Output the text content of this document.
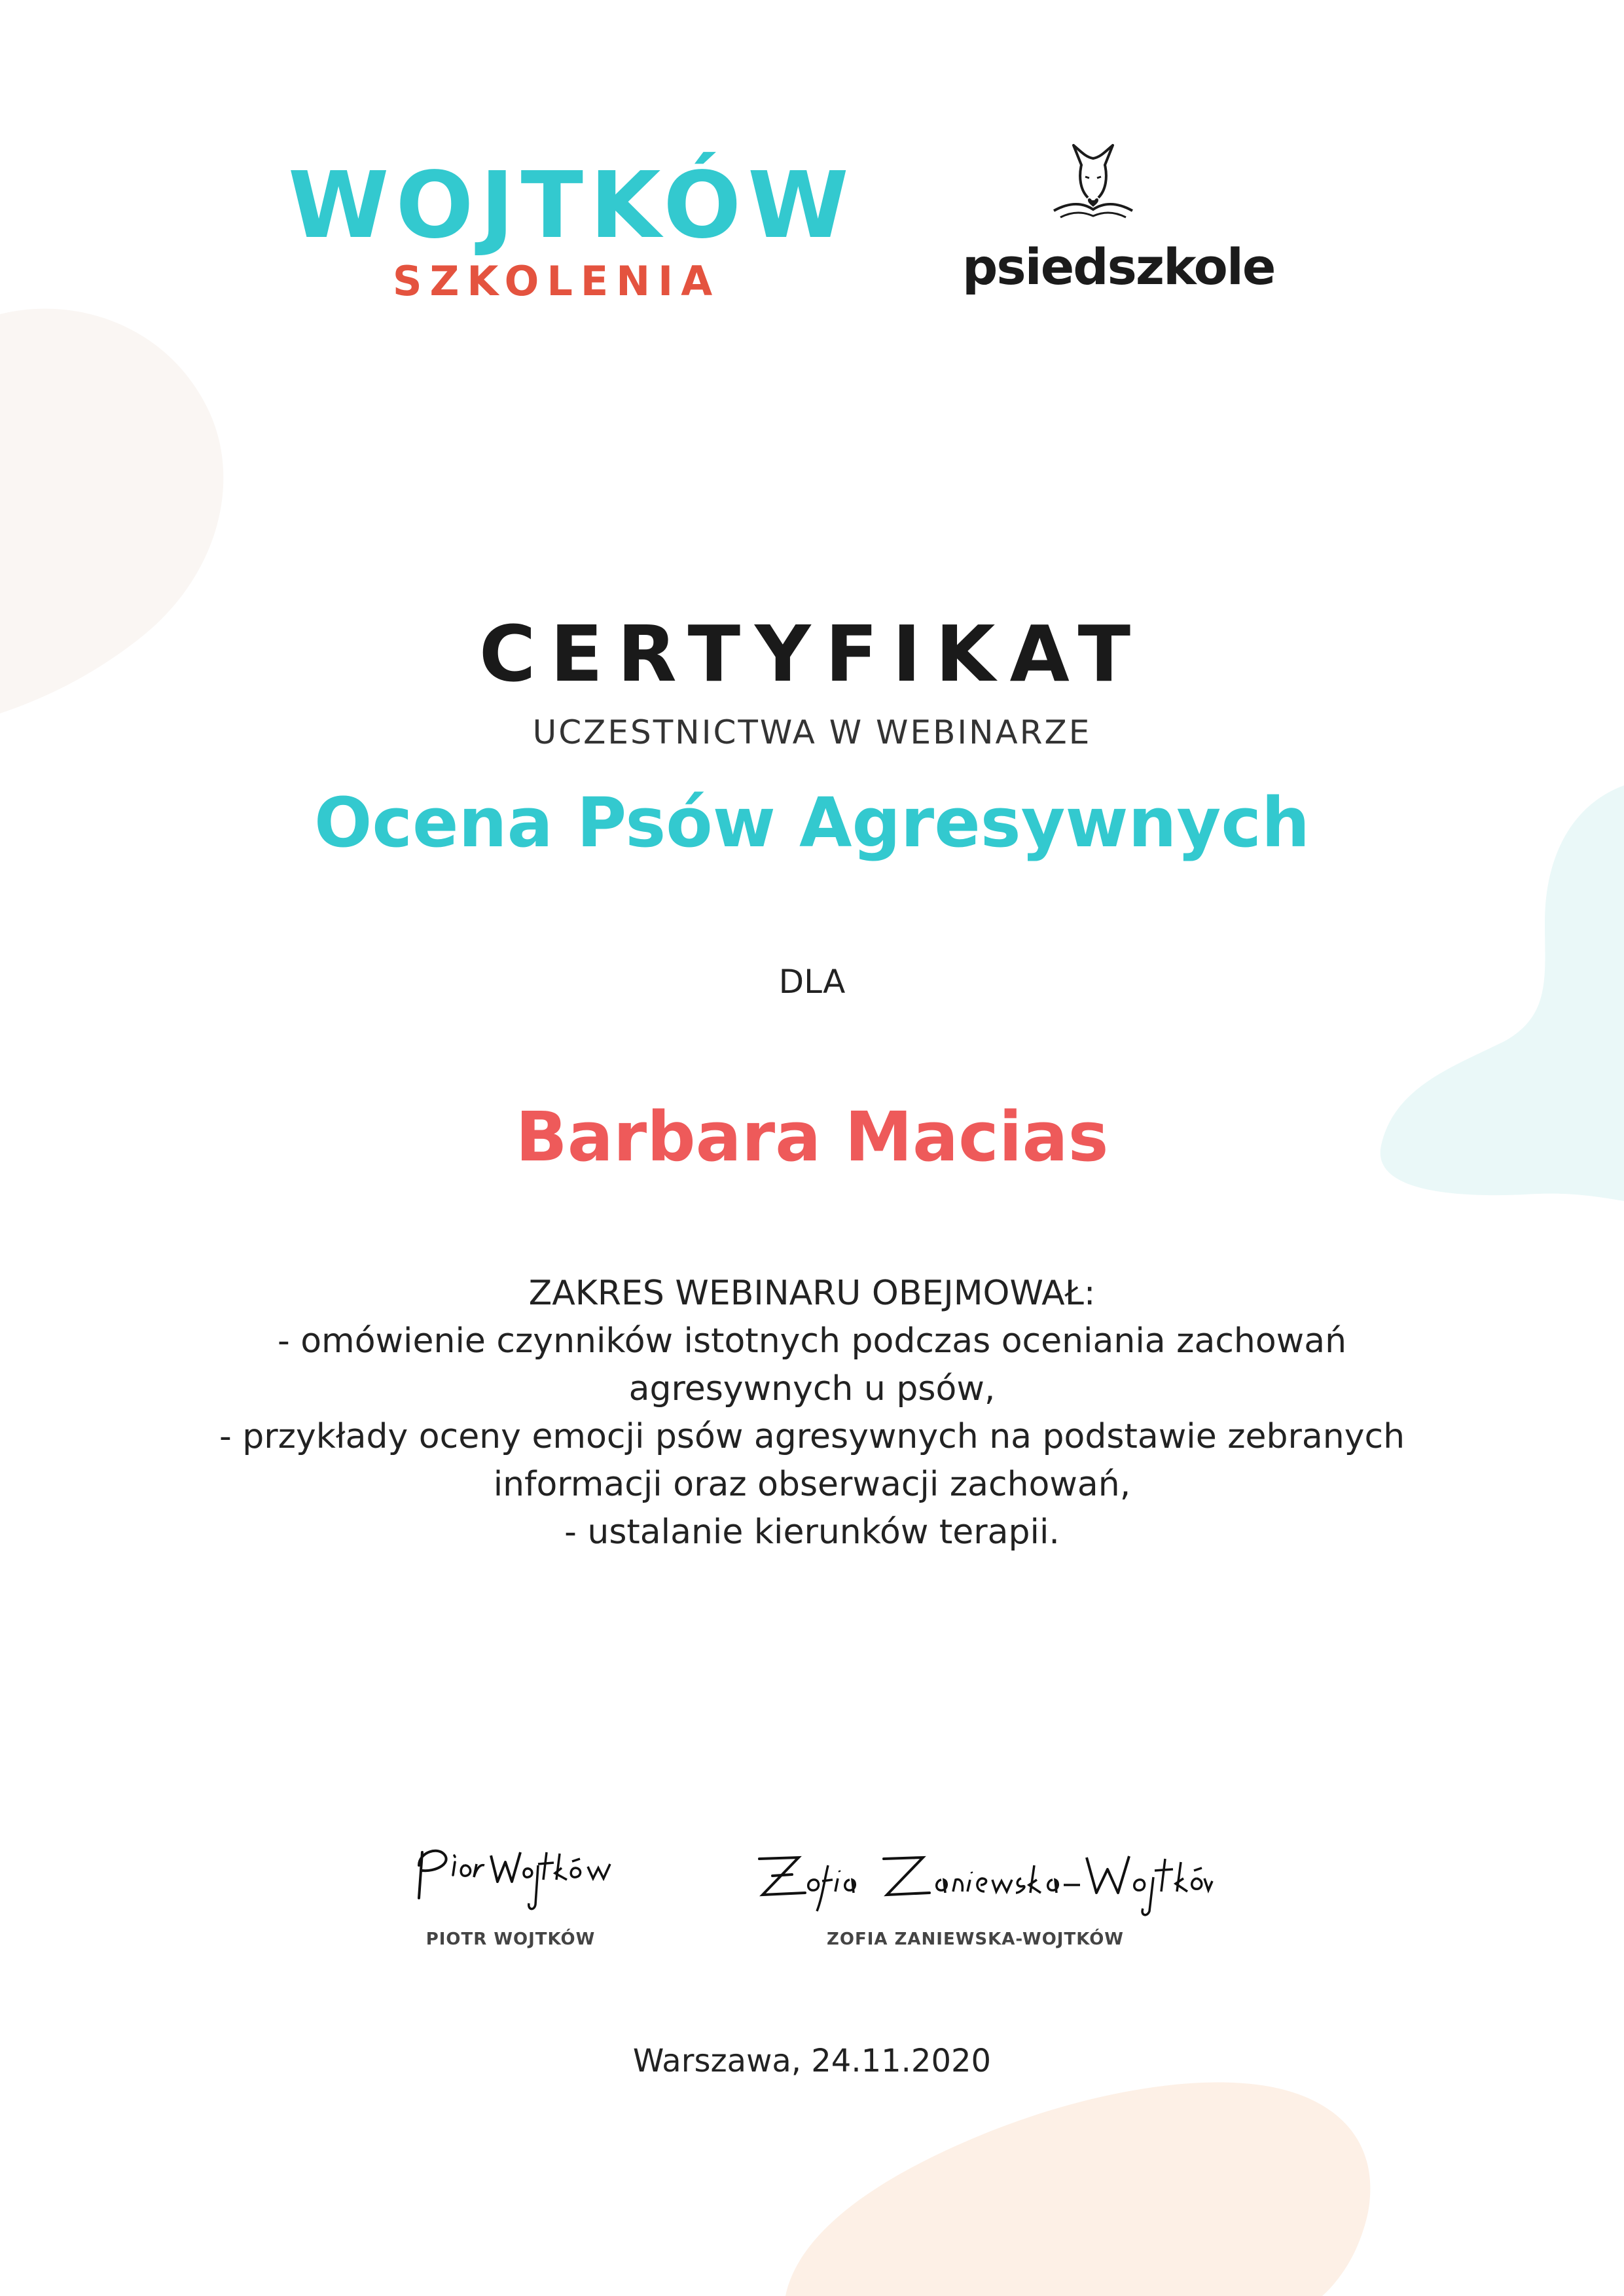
WOJTKÓW
SZKOLENIA	psiedszkole
CERTYFIKAT
UCZESTNICTWA W WEBINARZE
Ocena Psów Agresywnych
DLA
Barbara Macias
ZAKRES WEBINARU OBEJMOWAŁ:
- omówienie czynników istotnych podczas oceniania zachowań
agresywnych u psów,
- przykłady oceny emocji psów agresywnych na podstawie zebranych
informacji oraz obserwacji zachowań,
- ustalanie kierunków terapii.
PIOTR WOJTKÓW	ZOFIA ZANIEWSKA-WOJTKÓW
Warszawa, 24.11.2020
